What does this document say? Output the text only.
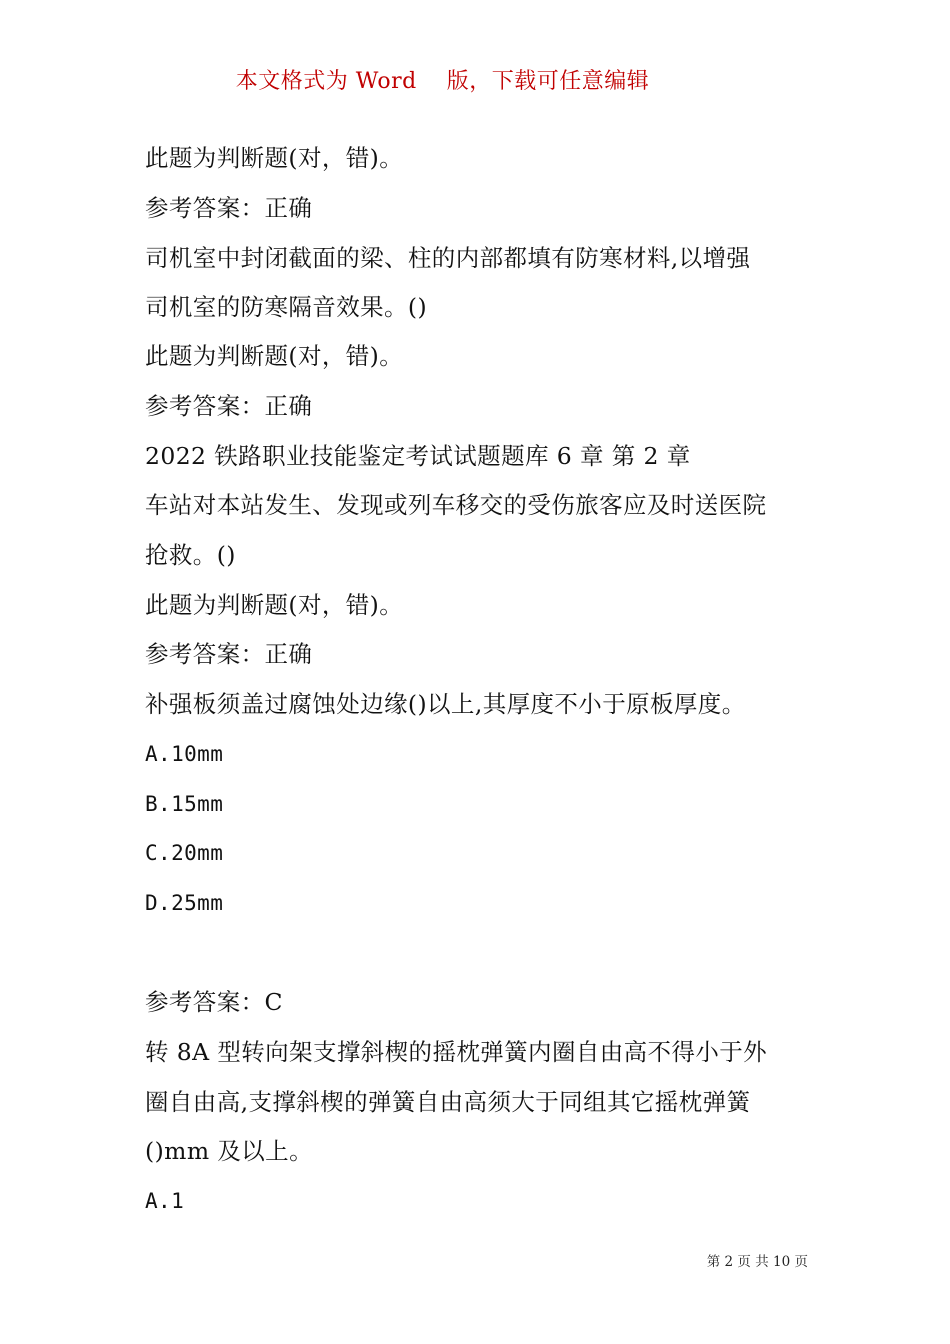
本文格式为 Word　 版，下载可任意编辑
此题为判断题(对，错)。
参考答案：正确
司机室中封闭截面的梁、柱的内部都填有防寒材料,以增强
司机室的防寒隔音效果。()
此题为判断题(对，错)。
参考答案：正确
2022 铁路职业技能鉴定考试试题题库 6 章 第 2 章
车站对本站发生、发现或列车移交的受伤旅客应及时送医院
抢救。()
此题为判断题(对，错)。
参考答案：正确
补强板须盖过腐蚀处边缘()以上,其厚度不小于原板厚度。
A.10mm
B.15mm
C.20mm
D.25mm
参考答案：C
转 8A 型转向架支撑斜楔的摇枕弹簧内圈自由高不得小于外
圈自由高,支撑斜楔的弹簧自由高须大于同组其它摇枕弹簧
()mm 及以上。
A.1
第 2 页 共 10 页
